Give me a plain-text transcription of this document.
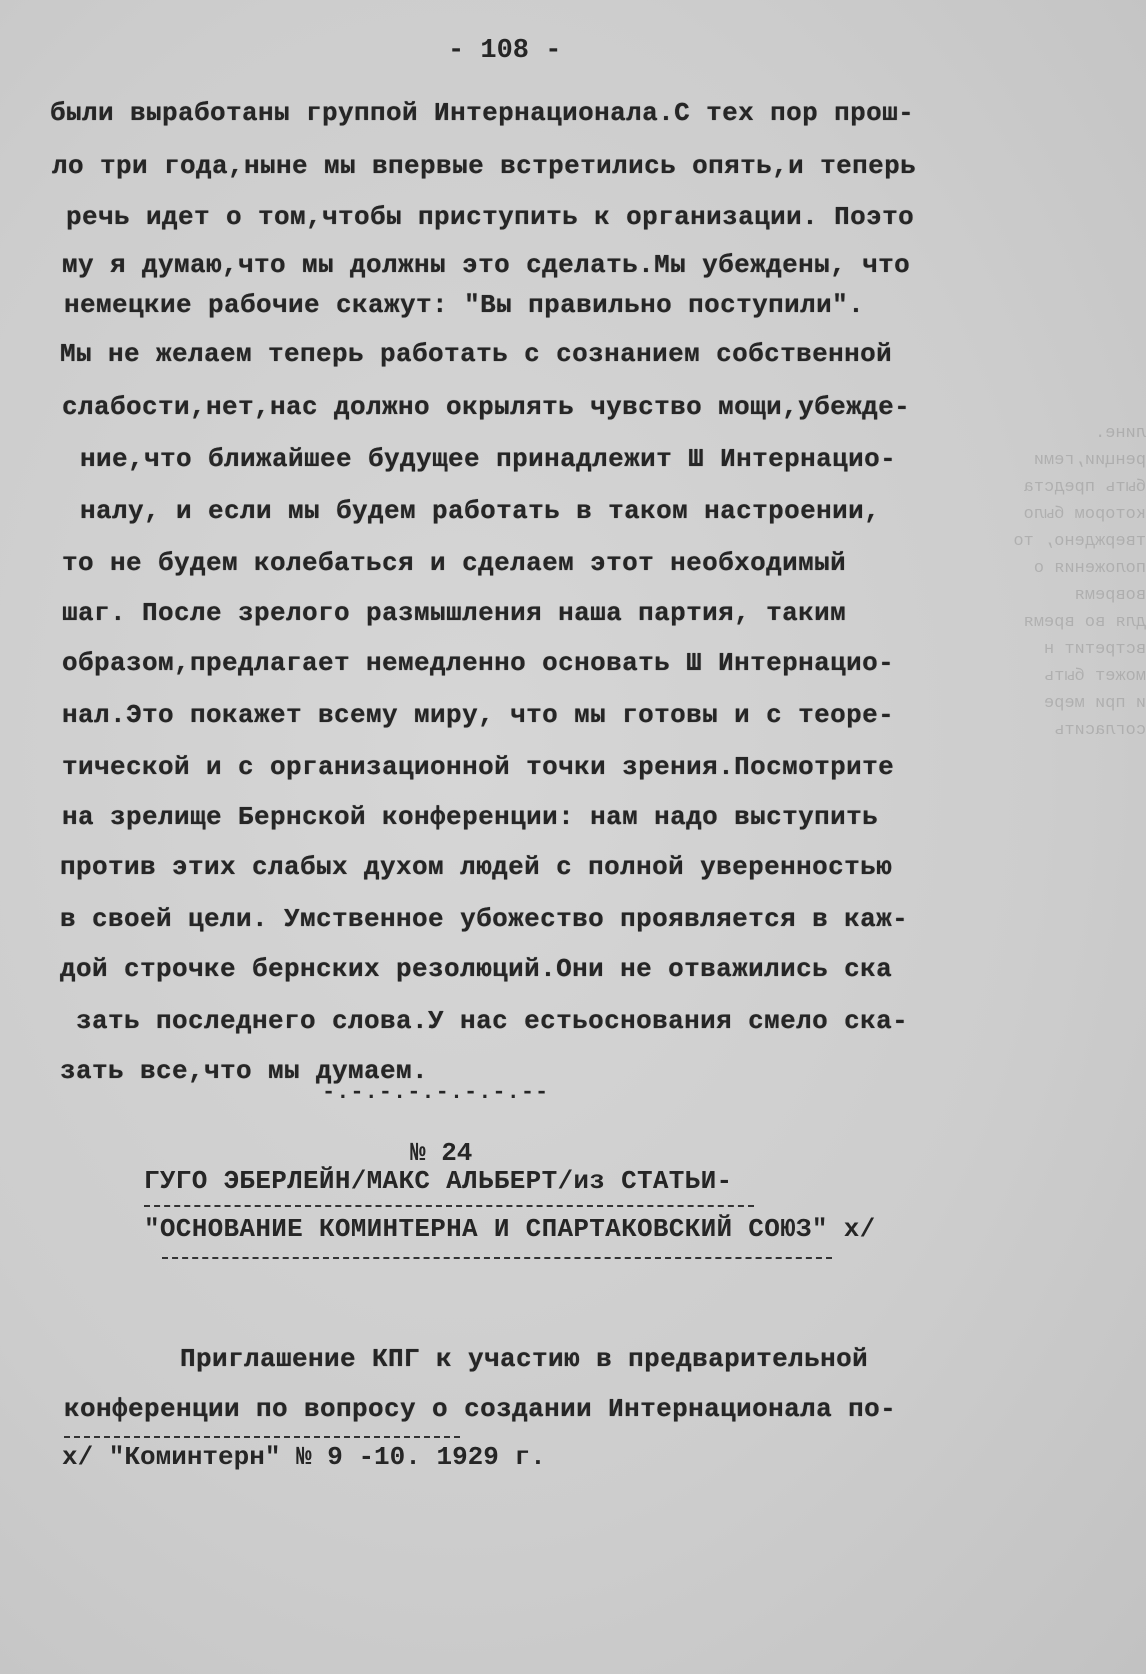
лине.
ренции,геми
быть предста
котором было
тверждено, то
положения о
вовремя
для во время
встретит н
может быть
и при мере
согласить
- 108 -
были выработаны группой Интернационала.С тех пор прош-
ло три года,ныне мы впервые встретились опять,и теперь
речь идет о том,чтобы приступить к организации. Поэто
му я думаю,что мы должны это сделать.Мы убеждены, что
немецкие рабочие скажут: "Вы правильно поступили".
Мы не желаем теперь работать с сознанием собственной
слабости,нет,нас должно окрылять чувство мощи,убежде-
ние,что ближайшее будущее принадлежит Ш Интернацио-
налу, и если мы будем работать в таком настроении,
то не будем колебаться и сделаем этот необходимый
шаг. После зрелого размышления наша партия, таким
образом,предлагает немедленно основать Ш Интернацио-
нал.Это покажет всему миру, что мы готовы и с теоре-
тической и с организационной точки зрения.Посмотрите
на зрелище Бернской конференции: нам надо выступить
против этих слабых духом людей с полной уверенностью
в своей цели. Умственное убожество проявляется в каж-
дой строчке бернских резолюций.Они не отважились ска
зать последнего слова.У нас естьоснования смело ска-
зать все,что мы думаем.
-.-.-.-.-.-.-.--
№ 24
ГУГО ЭБЕРЛЕЙН/МАКС АЛЬБЕРТ/из СТАТЬИ-
"ОСНОВАНИЕ КОМИНТЕРНА И СПАРТАКОВСКИЙ СОЮЗ" х/
Приглашение КПГ к участию в предварительной
конференции по вопросу о создании Интернационала по-
х/ "Коминтерн" № 9 -10. 1929 г.
